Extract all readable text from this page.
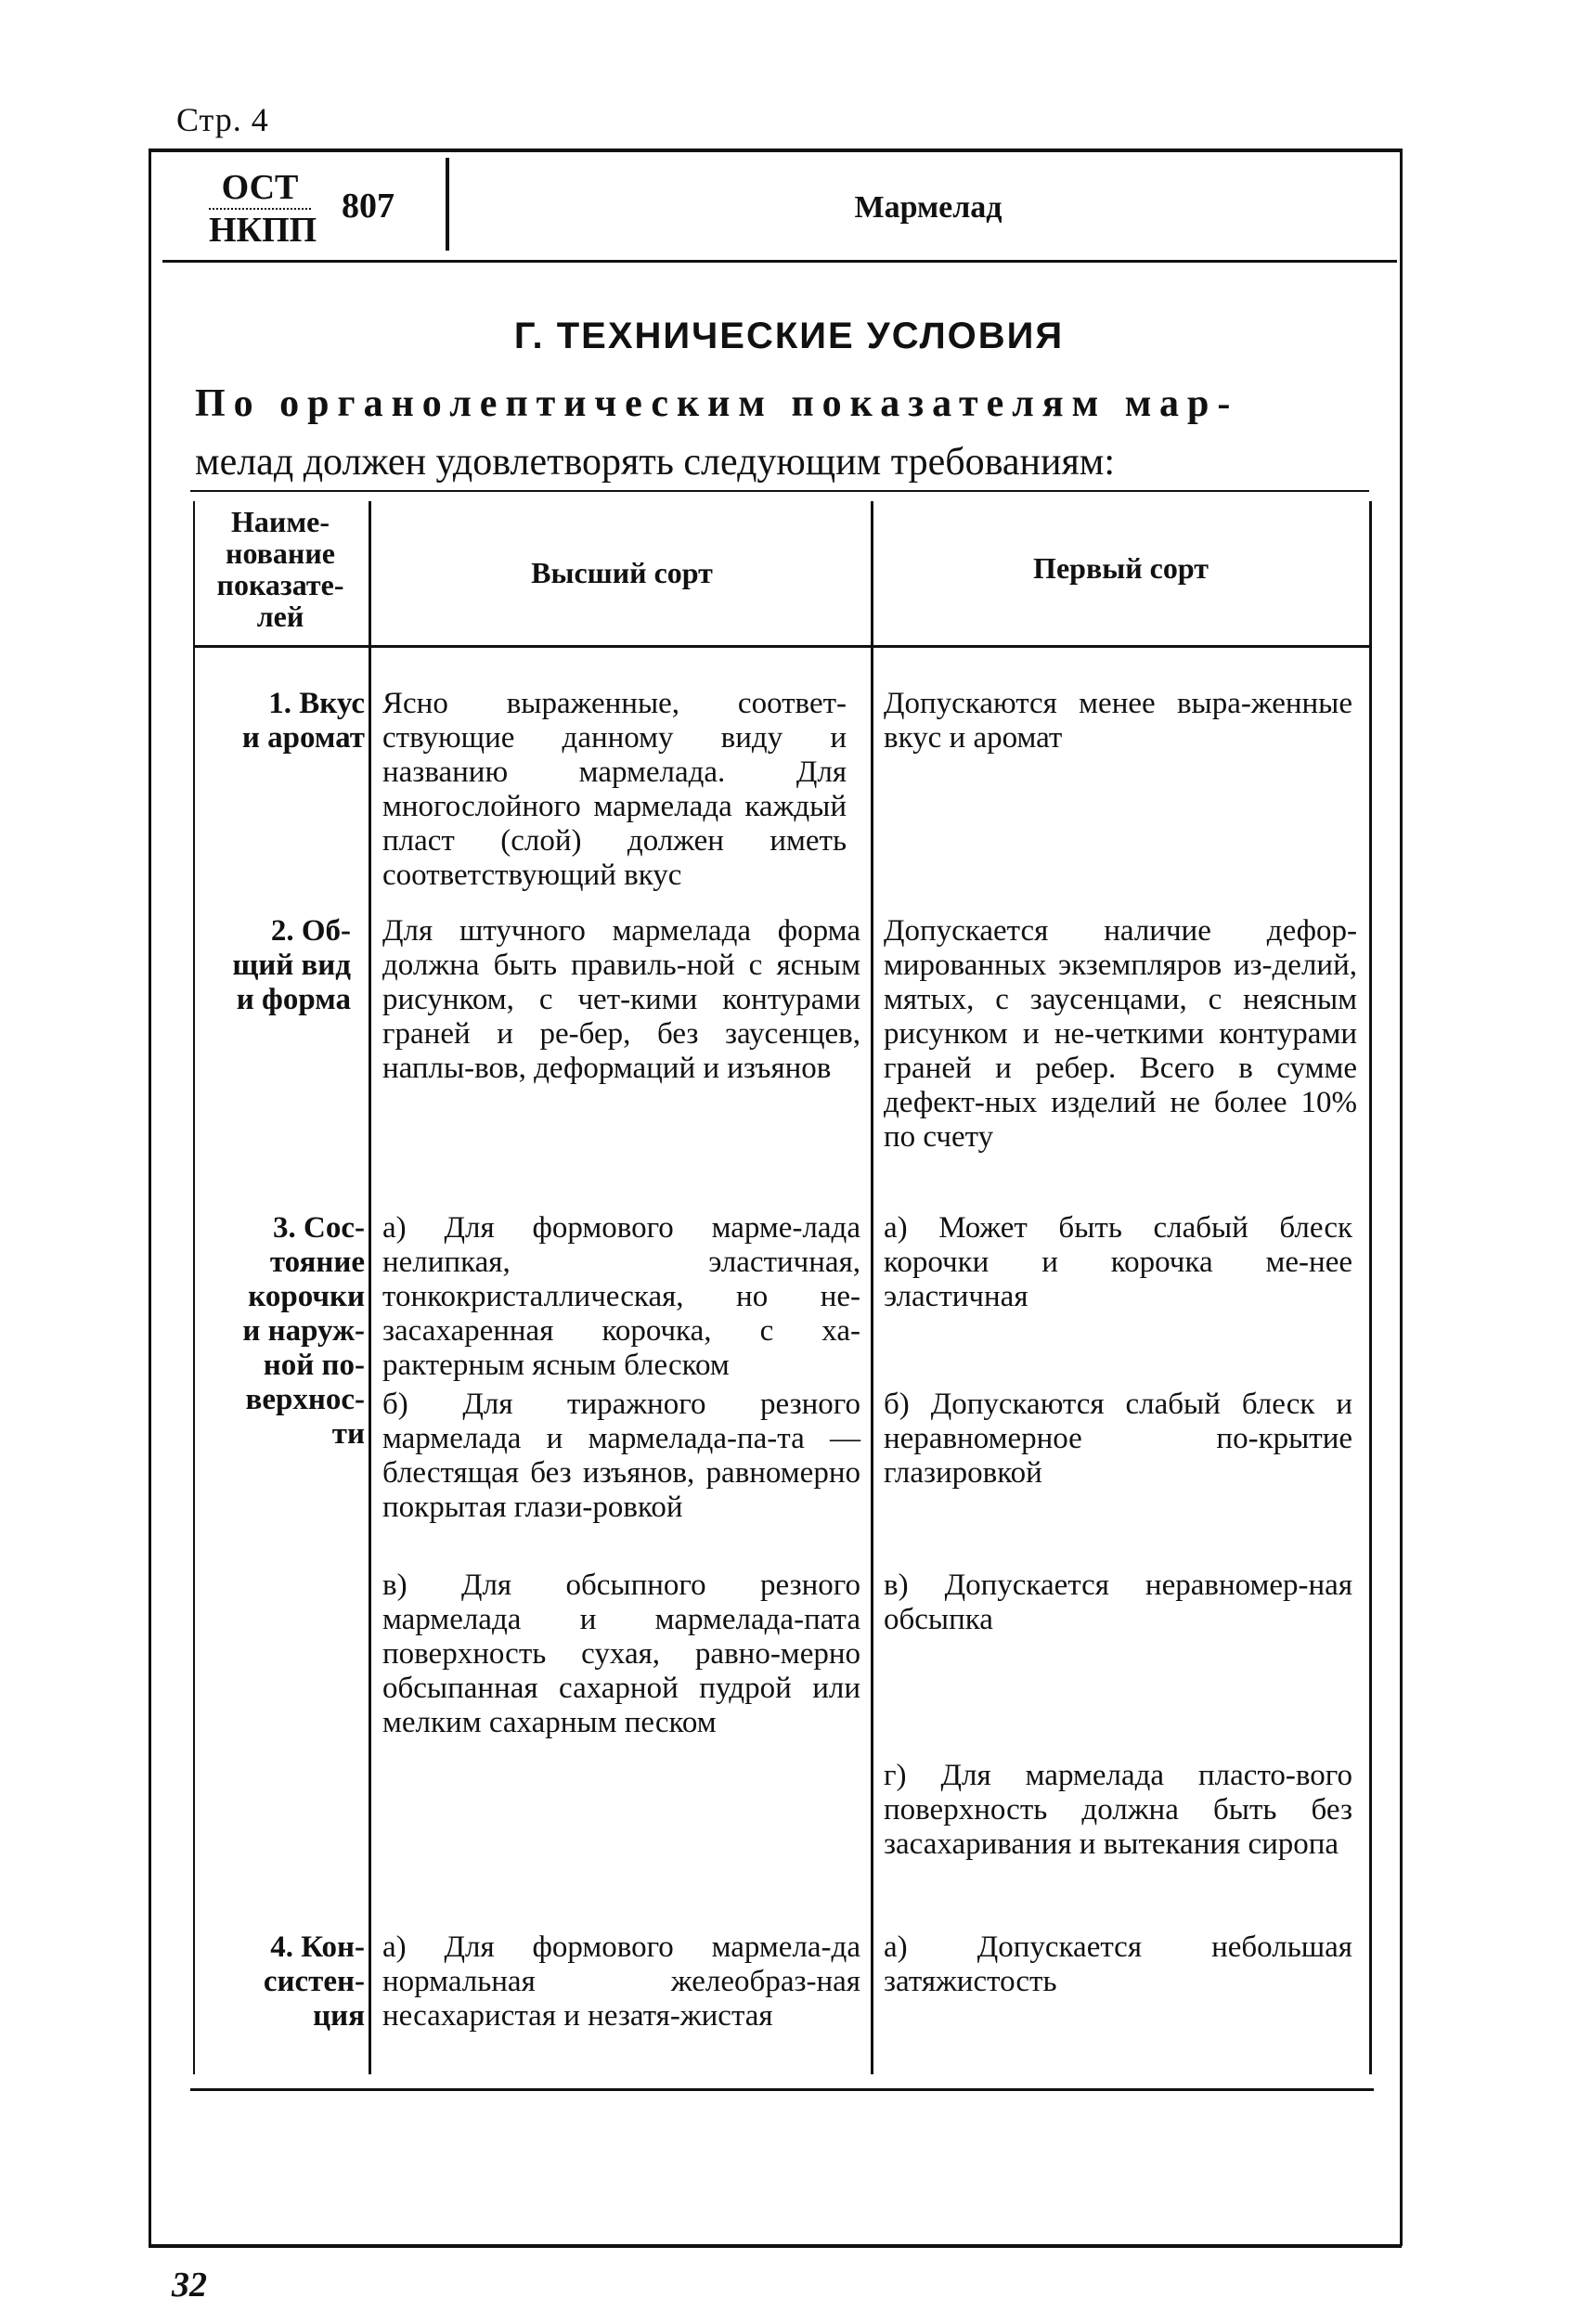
Стр. 4
ОСТ
НКПП
807	Мармелад
Г. ТЕХНИЧЕСКИЕ УСЛОВИЯ
По органолептическим показателям мар-
мелад должен удовлетворять следующим требованиям:
Наиме-
нование
показате-
лей
Высший сорт	Первый сорт
1. Вкус
и аромат
Ясно выраженные, соответ-ствующие данному виду и названию мармелада. Для многослойного мармелада каждый пласт (слой) должен иметь соответствующий вкус
Допускаются менее выра-женные вкус и аромат
2. Об-
щий вид
и форма
Для штучного мармелада форма должна быть правиль-ной с ясным рисунком, с чет-кими контурами граней и ре-бер, без заусенцев, наплы-вов, деформаций и изъянов
Допускается наличие дефор-мированных экземпляров из-делий, мятых, с заусенцами, с неясным рисунком и не-четкими контурами граней и ребер. Всего в сумме дефект-ных изделий не более 10% по счету
3. Сос-
тояние
корочки
и наруж-
ной по-
верхнос-
ти
а) Для формового марме-лада нелипкая, эластичная, тонкокристаллическая, но не-засахаренная корочка, с ха-рактерным ясным блеском
а) Может быть слабый блеск корочки и корочка ме-нее эластичная
б) Для тиражного резного мармелада и мармелада-па-та — блестящая без изъянов, равномерно покрытая глази-ровкой
б) Допускаются слабый блеск и неравномерное по-крытие глазировкой
в) Для обсыпного резного мармелада и мармелада-пата поверхность сухая, равно-мерно обсыпанная сахарной пудрой или мелким сахарным песком
в) Допускается неравномер-ная обсыпка
г) Для мармелада пласто-вого поверхность должна быть без засахаривания и вытекания сиропа
4. Кон-
систен-
ция
а) Для формового мармела-да нормальная желеобраз-ная несахаристая и незатя-жистая
а) Допускается небольшая затяжистость
32
